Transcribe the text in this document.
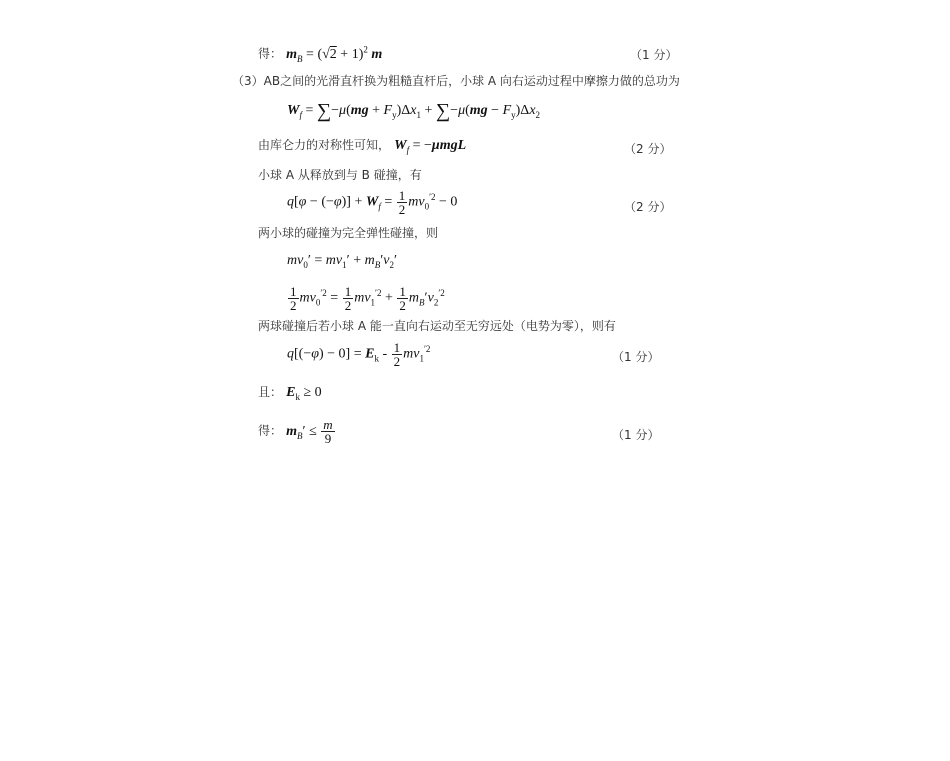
得： $m_B = (√2 + 1)^2$ m	（1 分）
（3）AB之间的光滑直杆换为粗糙直杆后，小球 A 向右运动过程中摩擦力做的总功为
$W_f = \sum-\mu(mg + F_y)\Delta x_1 + \sum-\mu(mg - F_y)\Delta x_2$
由库仑力的对称性可知， $W_f = -\mu mgL$	（2 分）
小球 A 从释放到与 B 碰撞，有
$q[\varphi - (-\varphi)] + W_f = \frac{1}{2} mv_0^{'2} - 0$	（2 分）
两小球的碰撞为完全弹性碰撞，则
$mv_0' = mv_1' + m_B'v_2'$
$\frac{1}{2} mv_0^{'2} = \frac{1}{2} mv_1^{'2} + \frac{1}{2} m_B'v_2^{'2}$
两球碰撞后若小球 A 能一直向右运动至无穷远处（电势为零），则有
$q[(-\varphi) - 0] = E_k - \frac{1}{2} mv_1^{'2}$
（1 分）
且： $E_k \ge 0$
得： $m_B' \le \frac{m}{9}$	（1 分）
